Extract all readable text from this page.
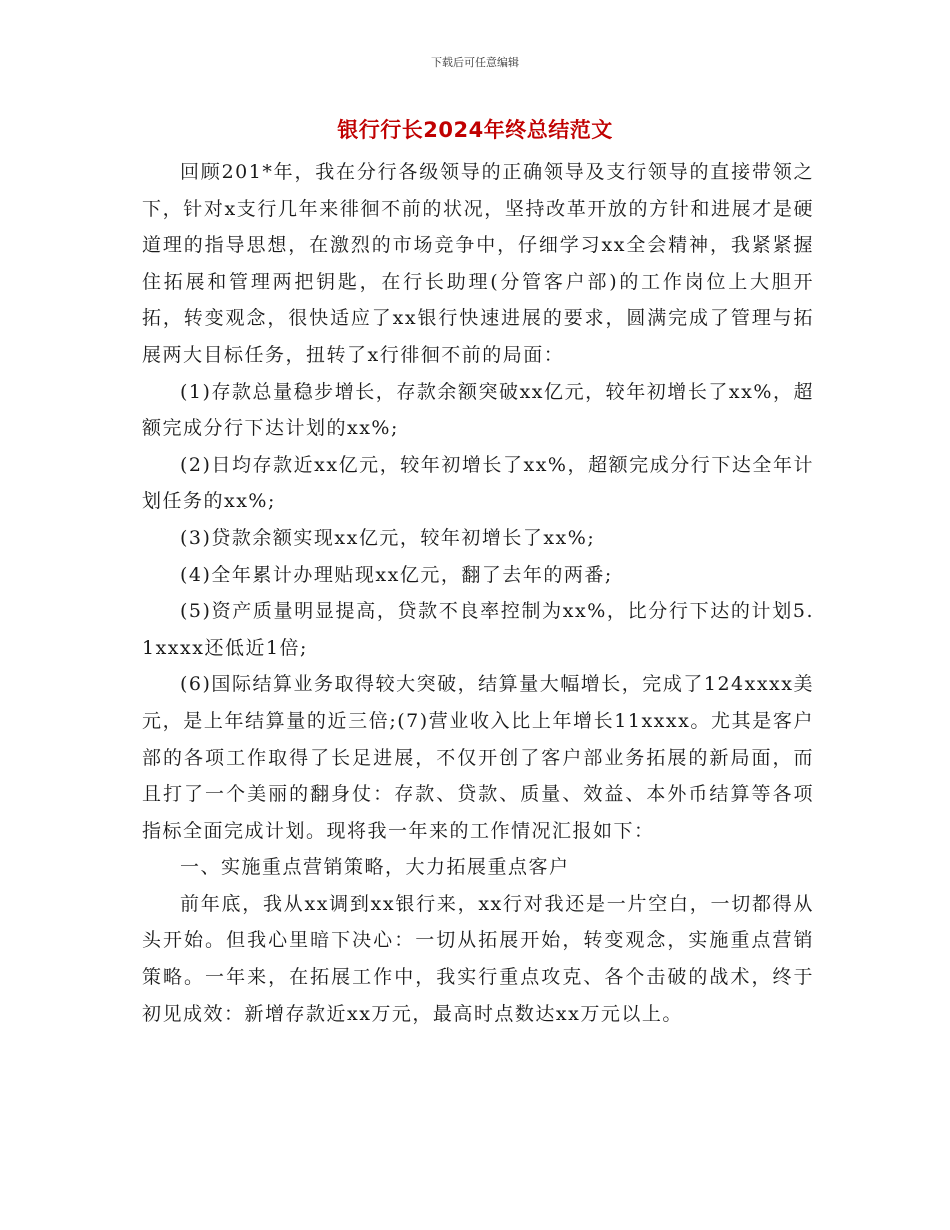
下载后可任意编辑
银行行长2024年终总结范文

回顾201*年，我在分行各级领导的正确领导及支行领导的直接带领之下，针对x支行几年来徘徊不前的状况，坚持改革开放的方针和进展才是硬道理的指导思想，在激烈的市场竞争中，仔细学习xx全会精神，我紧紧握住拓展和管理两把钥匙，在行长助理(分管客户部)的工作岗位上大胆开拓，转变观念，很快适应了xx银行快速进展的要求，圆满完成了管理与拓展两大目标任务，扭转了x行徘徊不前的局面：

(1)存款总量稳步增长，存款余额突破xx亿元，较年初增长了xx%，超额完成分行下达计划的xx%;

(2)日均存款近xx亿元，较年初增长了xx%，超额完成分行下达全年计划任务的xx%;

(3)贷款余额实现xx亿元，较年初增长了xx%;

(4)全年累计办理贴现xx亿元，翻了去年的两番;

(5)资产质量明显提高，贷款不良率控制为xx%，比分行下达的计划5.1xxxx还低近1倍;

(6)国际结算业务取得较大突破，结算量大幅增长，完成了124xxxx美元，是上年结算量的近三倍;(7)营业收入比上年增长11xxxx。尤其是客户部的各项工作取得了长足进展，不仅开创了客户部业务拓展的新局面，而且打了一个美丽的翻身仗：存款、贷款、质量、效益、本外币结算等各项指标全面完成计划。现将我一年来的工作情况汇报如下：

一、实施重点营销策略，大力拓展重点客户

前年底，我从xx调到xx银行来，xx行对我还是一片空白，一切都得从头开始。但我心里暗下决心：一切从拓展开始，转变观念，实施重点营销策略。一年来，在拓展工作中，我实行重点攻克、各个击破的战术，终于初见成效：新增存款近xx万元，最高时点数达xx万元以上。
